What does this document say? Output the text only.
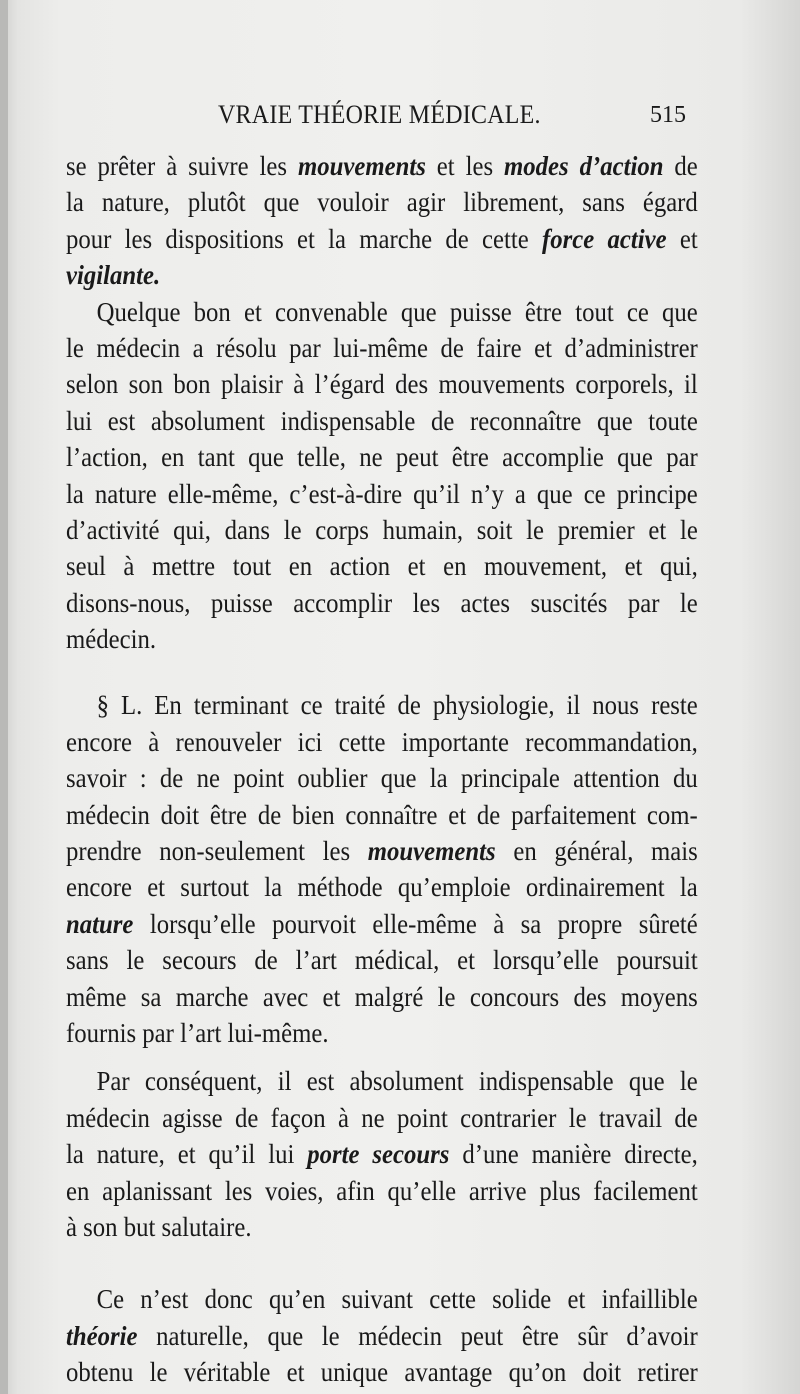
VRAIE THÉORIE MÉDICALE.	515
se prêter à suivre les mouvements et les modes d’action de
la nature, plutôt que vouloir agir librement, sans égard
pour les dispositions et la marche de cette force active et
vigilante.
Quelque bon et convenable que puisse être tout ce que
le médecin a résolu par lui-même de faire et d’administrer
selon son bon plaisir à l’égard des mouvements corporels, il
lui est absolument indispensable de reconnaître que toute
l’action, en tant que telle, ne peut être accomplie que par
la nature elle-même, c’est-à-dire qu’il n’y a que ce principe
d’activité qui, dans le corps humain, soit le premier et le
seul à mettre tout en action et en mouvement, et qui,
disons-nous, puisse accomplir les actes suscités par le
médecin.
§ L. En terminant ce traité de physiologie, il nous reste
encore à renouveler ici cette importante recommandation,
savoir : de ne point oublier que la principale attention du
médecin doit être de bien connaître et de parfaitement com-
prendre non-seulement les mouvements en général, mais
encore et surtout la méthode qu’emploie ordinairement la
nature lorsqu’elle pourvoit elle-même à sa propre sûreté
sans le secours de l’art médical, et lorsqu’elle poursuit
même sa marche avec et malgré le concours des moyens
fournis par l’art lui-même.
Par conséquent, il est absolument indispensable que le
médecin agisse de façon à ne point contrarier le travail de
la nature, et qu’il lui porte secours d’une manière directe,
en aplanissant les voies, afin qu’elle arrive plus facilement
à son but salutaire.
Ce n’est donc qu’en suivant cette solide et infaillible
théorie naturelle, que le médecin peut être sûr d’avoir
obtenu le véritable et unique avantage qu’on doit retirer
